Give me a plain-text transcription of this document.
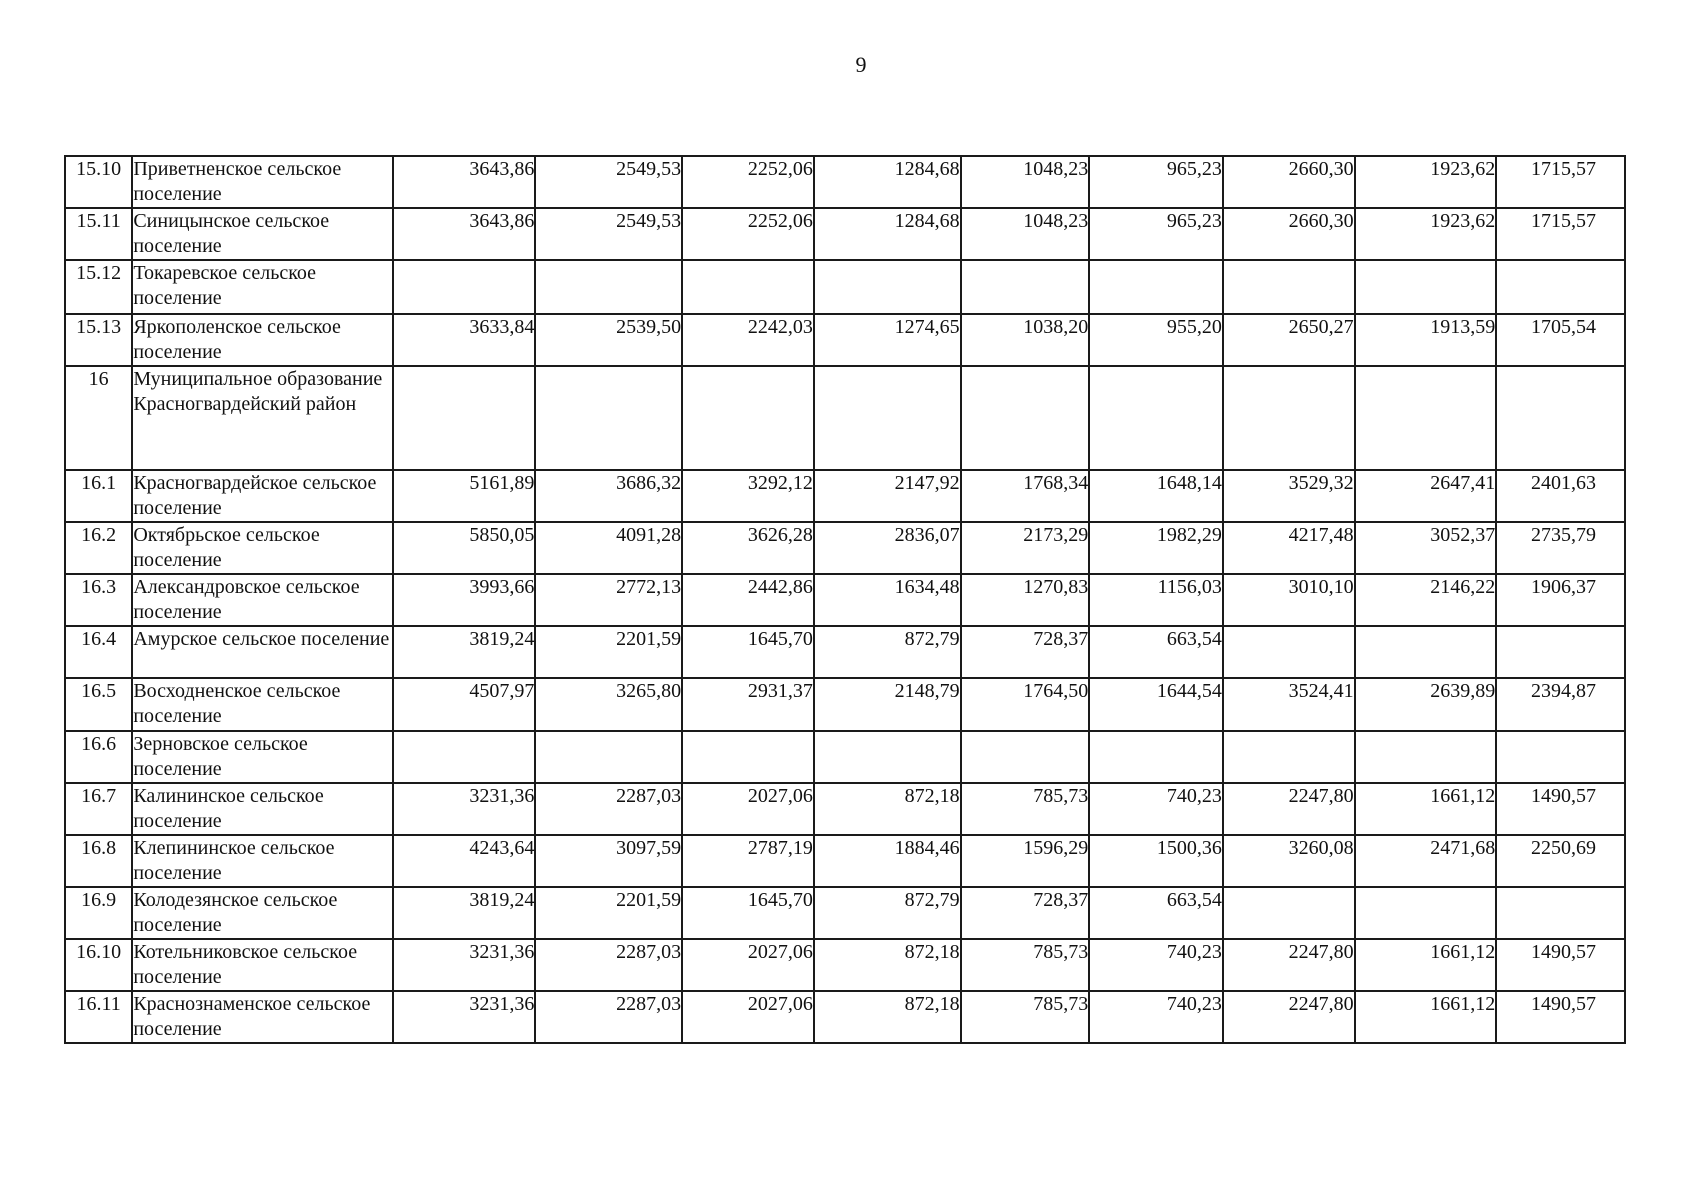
9
15.10	Приветненское сельское поселение	3643,86	2549,53	2252,06	1284,68	1048,23	965,23	2660,30	1923,62	1715,57
15.11	Синицынское сельское поселение	3643,86	2549,53	2252,06	1284,68	1048,23	965,23	2660,30	1923,62	1715,57
15.12	Токаревское сельское поселение									
15.13	Яркополенское сельское поселение	3633,84	2539,50	2242,03	1274,65	1038,20	955,20	2650,27	1913,59	1705,54
16	Муниципальное образование Красногвардейский район									
16.1	Красногвардейское сельское поселение	5161,89	3686,32	3292,12	2147,92	1768,34	1648,14	3529,32	2647,41	2401,63
16.2	Октябрьское сельское поселение	5850,05	4091,28	3626,28	2836,07	2173,29	1982,29	4217,48	3052,37	2735,79
16.3	Александровское сельское поселение	3993,66	2772,13	2442,86	1634,48	1270,83	1156,03	3010,10	2146,22	1906,37
16.4	Амурское сельское поселение	3819,24	2201,59	1645,70	872,79	728,37	663,54			
16.5	Восходненское сельское поселение	4507,97	3265,80	2931,37	2148,79	1764,50	1644,54	3524,41	2639,89	2394,87
16.6	Зерновское сельское поселение									
16.7	Калининское сельское поселение	3231,36	2287,03	2027,06	872,18	785,73	740,23	2247,80	1661,12	1490,57
16.8	Клепининское сельское поселение	4243,64	3097,59	2787,19	1884,46	1596,29	1500,36	3260,08	2471,68	2250,69
16.9	Колодезянское сельское поселение	3819,24	2201,59	1645,70	872,79	728,37	663,54			
16.10	Котельниковское сельское поселение	3231,36	2287,03	2027,06	872,18	785,73	740,23	2247,80	1661,12	1490,57
16.11	Краснознаменское сельское поселение	3231,36	2287,03	2027,06	872,18	785,73	740,23	2247,80	1661,12	1490,57
